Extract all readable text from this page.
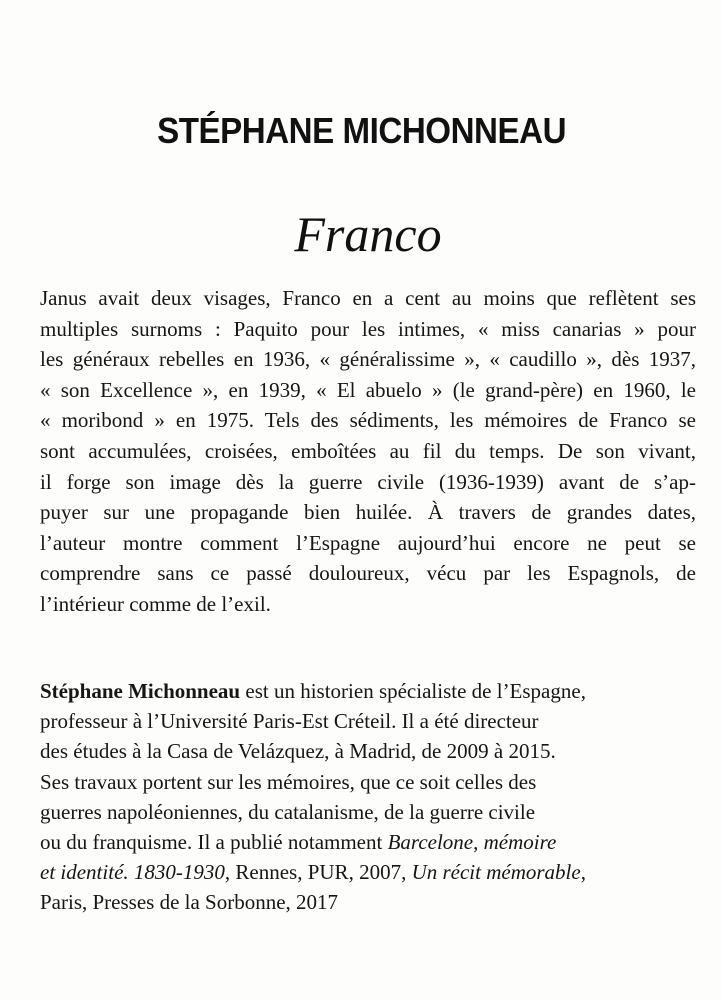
STÉPHANE MICHONNEAU
Franco
Janus avait deux visages, Franco en a cent au moins que reflètent ses
multiples surnoms : Paquito pour les intimes, « miss canarias » pour
les généraux rebelles en 1936, « généralissime », « caudillo », dès 1937,
« son Excellence », en 1939, « El abuelo » (le grand-père) en 1960, le
« moribond » en 1975. Tels des sédiments, les mémoires de Franco se
sont accumulées, croisées, emboîtées au fil du temps. De son vivant,
il forge son image dès la guerre civile (1936-1939) avant de s’ap-
puyer sur une propagande bien huilée. À travers de grandes dates,
l’auteur montre comment l’Espagne aujourd’hui encore ne peut se
comprendre sans ce passé douloureux, vécu par les Espagnols, de
l’intérieur comme de l’exil.
Stéphane Michonneau est un historien spécialiste de l’Espagne,
professeur à l’Université Paris-Est Créteil. Il a été directeur
des études à la Casa de Velázquez, à Madrid, de 2009 à 2015.
Ses travaux portent sur les mémoires, que ce soit celles des
guerres napoléoniennes, du catalanisme, de la guerre civile
ou du franquisme. Il a publié notamment Barcelone, mémoire
et identité. 1830-1930, Rennes, PUR, 2007, Un récit mémorable,
Paris, Presses de la Sorbonne, 2017
